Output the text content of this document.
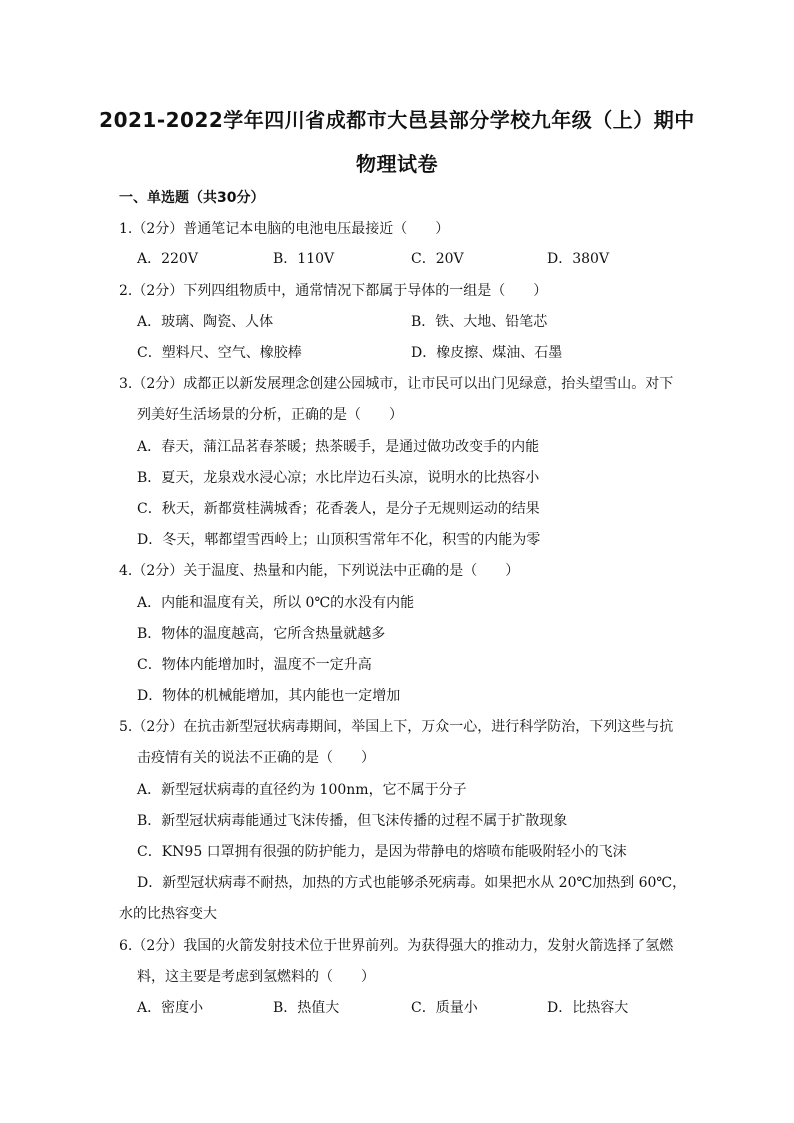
2021-2022学年四川省成都市大邑县部分学校九年级（上）期中
物理试卷
一、单选题（共30分）
1.（2分）普通笔记本电脑的电池电压最接近（　　）
A．220V	B．110V	C．20V	D．380V
2.（2分）下列四组物质中，通常情况下都属于导体的一组是（　　）
A．玻璃、陶瓷、人体	B．铁、大地、铅笔芯
C．塑料尺、空气、橡胶棒	D．橡皮擦、煤油、石墨
3.（2分）成都正以新发展理念创建公园城市，让市民可以出门见绿意，抬头望雪山。对下
列美好生活场景的分析，正确的是（　　）
A．春天，蒲江品茗春茶暖；热茶暖手，是通过做功改变手的内能
B．夏天，龙泉戏水浸心凉；水比岸边石头凉，说明水的比热容小
C．秋天，新都赏桂满城香；花香袭人，是分子无规则运动的结果
D．冬天，郫都望雪西岭上；山顶积雪常年不化，积雪的内能为零
4.（2分）关于温度、热量和内能，下列说法中正确的是（　　）
A．内能和温度有关，所以 0℃的水没有内能
B．物体的温度越高，它所含热量就越多
C．物体内能增加时，温度不一定升高
D．物体的机械能增加，其内能也一定增加
5.（2分）在抗击新型冠状病毒期间，举国上下，万众一心，进行科学防治，下列这些与抗
击疫情有关的说法不正确的是（　　）
A．新型冠状病毒的直径约为 100nm，它不属于分子
B．新型冠状病毒能通过飞沫传播，但飞沫传播的过程不属于扩散现象
C．KN95 口罩拥有很强的防护能力，是因为带静电的熔喷布能吸附轻小的飞沫
D．新型冠状病毒不耐热，加热的方式也能够杀死病毒。如果把水从 20℃加热到 60℃，
水的比热容变大
6.（2分）我国的火箭发射技术位于世界前列。为获得强大的推动力，发射火箭选择了氢燃
料，这主要是考虑到氢燃料的（　　）
A．密度小	B．热值大	C．质量小	D．比热容大
